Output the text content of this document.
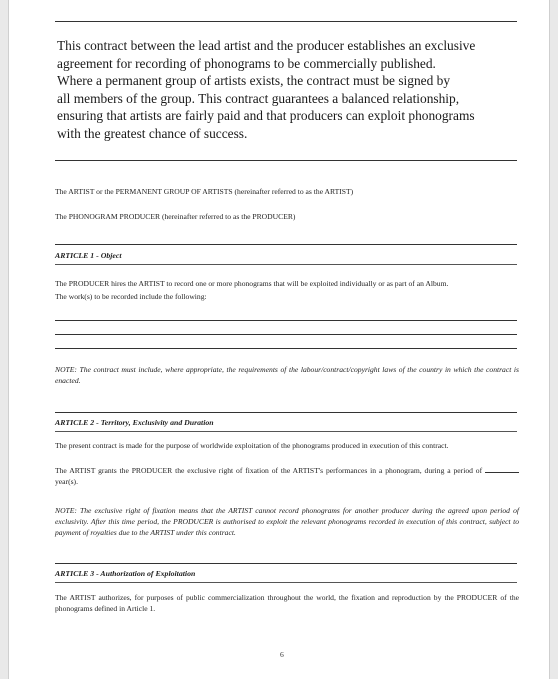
This contract between the lead artist and the producer establishes an exclusive
agreement for recording of phonograms to be commercially published.
Where a permanent group of artists exists, the contract must be signed by
all members of the group. This contract guarantees a balanced relationship,
ensuring that artists are fairly paid and that producers can exploit phonograms
with the greatest chance of success.

The ARTIST or the PERMANENT GROUP OF ARTISTS (hereinafter referred to as the ARTIST)

The PHONOGRAM PRODUCER (hereinafter referred to as the PRODUCER)

ARTICLE 1 - Object

The PRODUCER hires the ARTIST to record one or more phonograms that will be exploited individually or as part of an Album.

The work(s) to be recorded include the following:

NOTE: The contract must include, where appropriate, the requirements of the labour/contract/copyright laws of the country in which the contract is enacted.

ARTICLE 2 - Territory, Exclusivity and Duration

The present contract is made for the purpose of worldwide exploitation of the phonograms produced in execution of this contract.

The ARTIST grants the PRODUCER the exclusive right of fixation of the ARTIST's performances in a phonogram, during a period of  year(s).

NOTE: The exclusive right of fixation means that the ARTIST cannot record phonograms for another producer during the agreed upon period of exclusivity. After this time period, the PRODUCER is authorised to exploit the relevant phonograms recorded in execution of this contract, subject to payment of royalties due to the ARTIST under this contract.

ARTICLE 3 - Authorization of Exploitation

The ARTIST authorizes, for purposes of public commercialization throughout the world, the fixation and reproduction by the PRODUCER of the phonograms defined in Article 1.

6
